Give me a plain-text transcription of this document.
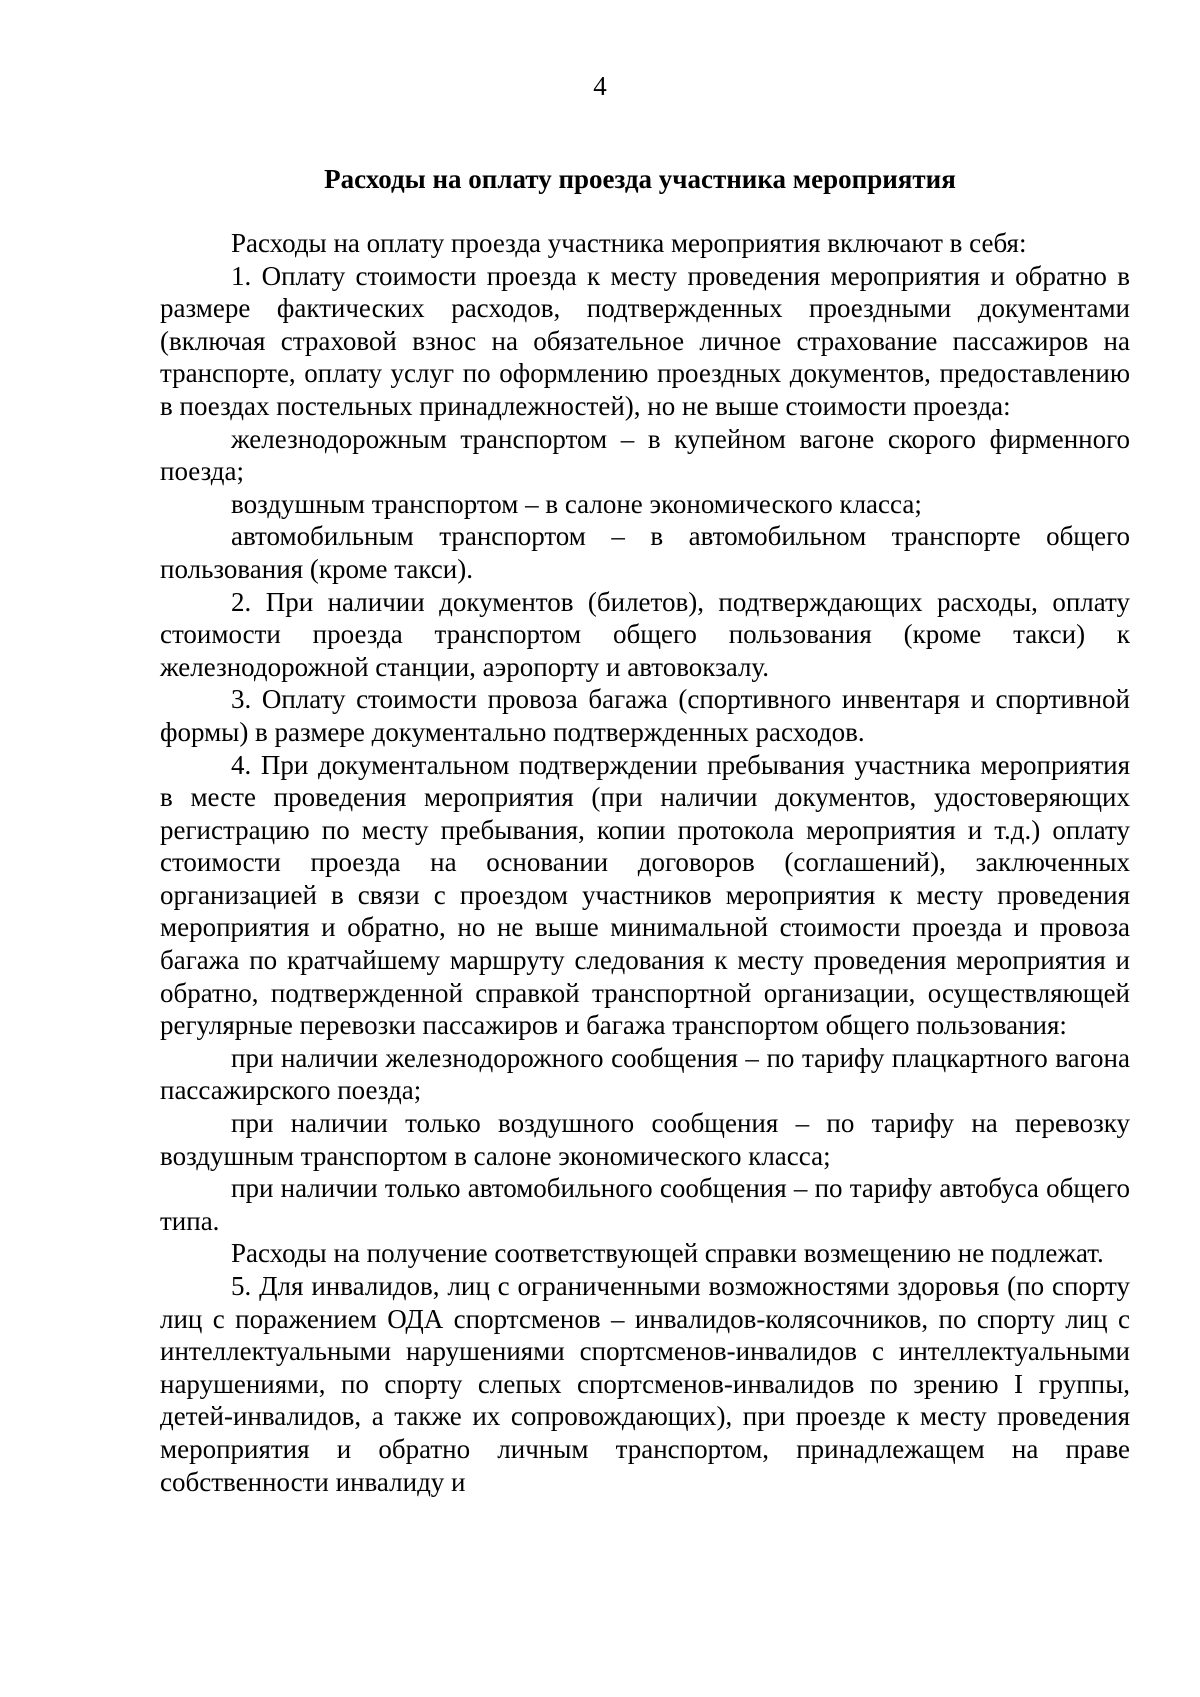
4
Расходы на оплату проезда участника мероприятия

Расходы на оплату проезда участника мероприятия включают в себя:

1. Оплату стоимости проезда к месту проведения мероприятия и обратно в размере фактических расходов, подтвержденных проездными документами (включая страховой взнос на обязательное личное страхование пассажиров на транспорте, оплату услуг по оформлению проездных документов, предоставлению в поездах постельных принадлежностей), но не выше стоимости проезда:

железнодорожным транспортом – в купейном вагоне скорого фирменного поезда;

воздушным транспортом – в салоне экономического класса;

автомобильным транспортом – в автомобильном транспорте общего пользования (кроме такси).

2. При наличии документов (билетов), подтверждающих расходы, оплату стоимости проезда транспортом общего пользования (кроме такси) к железнодорожной станции, аэропорту и автовокзалу.

3. Оплату стоимости провоза багажа (спортивного инвентаря и спортивной формы) в размере документально подтвержденных расходов.

4. При документальном подтверждении пребывания участника мероприятия в месте проведения мероприятия (при наличии документов, удостоверяющих регистрацию по месту пребывания, копии протокола мероприятия и т.д.) оплату стоимости проезда на основании договоров (соглашений), заключенных организацией в связи с проездом участников мероприятия к месту проведения мероприятия и обратно, но не выше минимальной стоимости проезда и провоза багажа по кратчайшему маршруту следования к месту проведения мероприятия и обратно, подтвержденной справкой транспортной организации, осуществляющей регулярные перевозки пассажиров и багажа транспортом общего пользования:

при наличии железнодорожного сообщения – по тарифу плацкартного вагона пассажирского поезда;

при наличии только воздушного сообщения – по тарифу на перевозку воздушным транспортом в салоне экономического класса;

при наличии только автомобильного сообщения – по тарифу автобуса общего типа.

Расходы на получение соответствующей справки возмещению не подлежат.

5. Для инвалидов, лиц с ограниченными возможностями здоровья (по спорту лиц с поражением ОДА спортсменов – инвалидов-колясочников, по спорту лиц с интеллектуальными нарушениями спортсменов-инвалидов с интеллектуальными нарушениями, по спорту слепых спортсменов-инвалидов по зрению I группы, детей-инвалидов, а также их сопровождающих), при проезде к месту проведения мероприятия и обратно личным транспортом, принадлежащем на праве собственности инвалиду и
